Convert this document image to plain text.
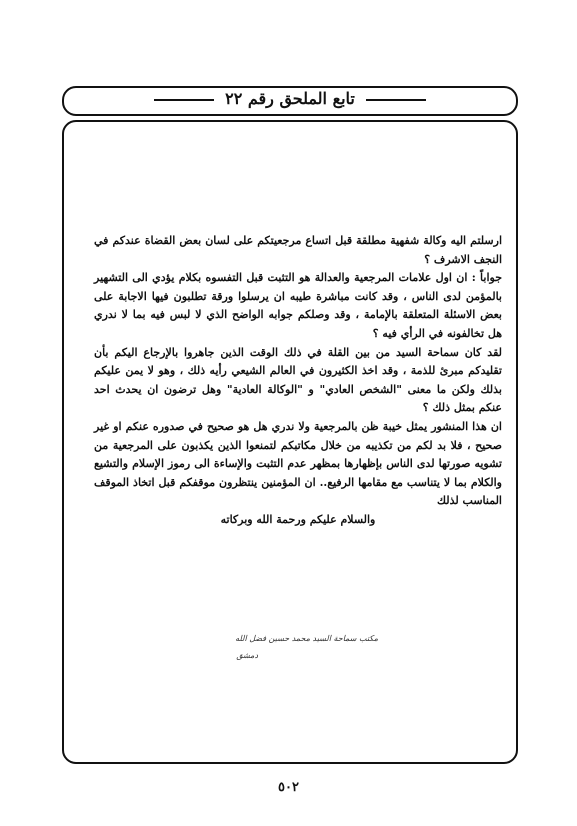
تابع الملحق رقم ٢٢

ارسلتم اليه وكالة شفهية مطلقة قبل اتساع مرجعيتكم على لسان بعض القضاة عندكم في النجف الاشرف ؟

جواباً : ان اول علامات المرجعية والعدالة هو التثبت قبل التفسوه بكلام يؤدي الى التشهير بالمؤمن لدى الناس ، وقد كانت مباشرة طيبه ان يرسلوا ورقة تطلبون فيها الاجابة على بعض الاسئلة المتعلقة بالإمامة ، وقد وصلكم جوابه الواضح الذي لا لبس فيه بما لا ندري هل تخالفونه في الرأي فيه ؟

لقد كان سماحة السيد من بين القلة في ذلك الوقت الذين جاهروا بالإرجاع اليكم بأن تقليدكم مبرئ للذمة ، وقد اخذ الكثيرون في العالم الشيعي رأيه ذلك ، وهو لا يمن عليكم بذلك ولكن ما معنى "الشخص العادي" و "الوكالة العادية" وهل ترضون ان يحدث احد عنكم بمثل ذلك ؟

ان هذا المنشور يمثل خيبة ظن بالمرجعية ولا ندري هل هو صحيح في صدوره عنكم او غير صحيح ، فلا بد لكم من تكذيبه من خلال مكاتبكم لتمنعوا الذين يكذبون على المرجعية من تشويه صورتها لدى الناس بإظهارها بمظهر عدم التثبت والإساءة الى رموز الإسلام والتشيع والكلام بما لا يتناسب مع مقامها الرفيع.. ان المؤمنين ينتظرون موقفكم قبل اتخاذ الموقف المناسب لذلك

والسلام عليكم ورحمة الله وبركاته

مكتب سماحة السيد محمد حسين فضل الله
دمشق
٥٠٢
